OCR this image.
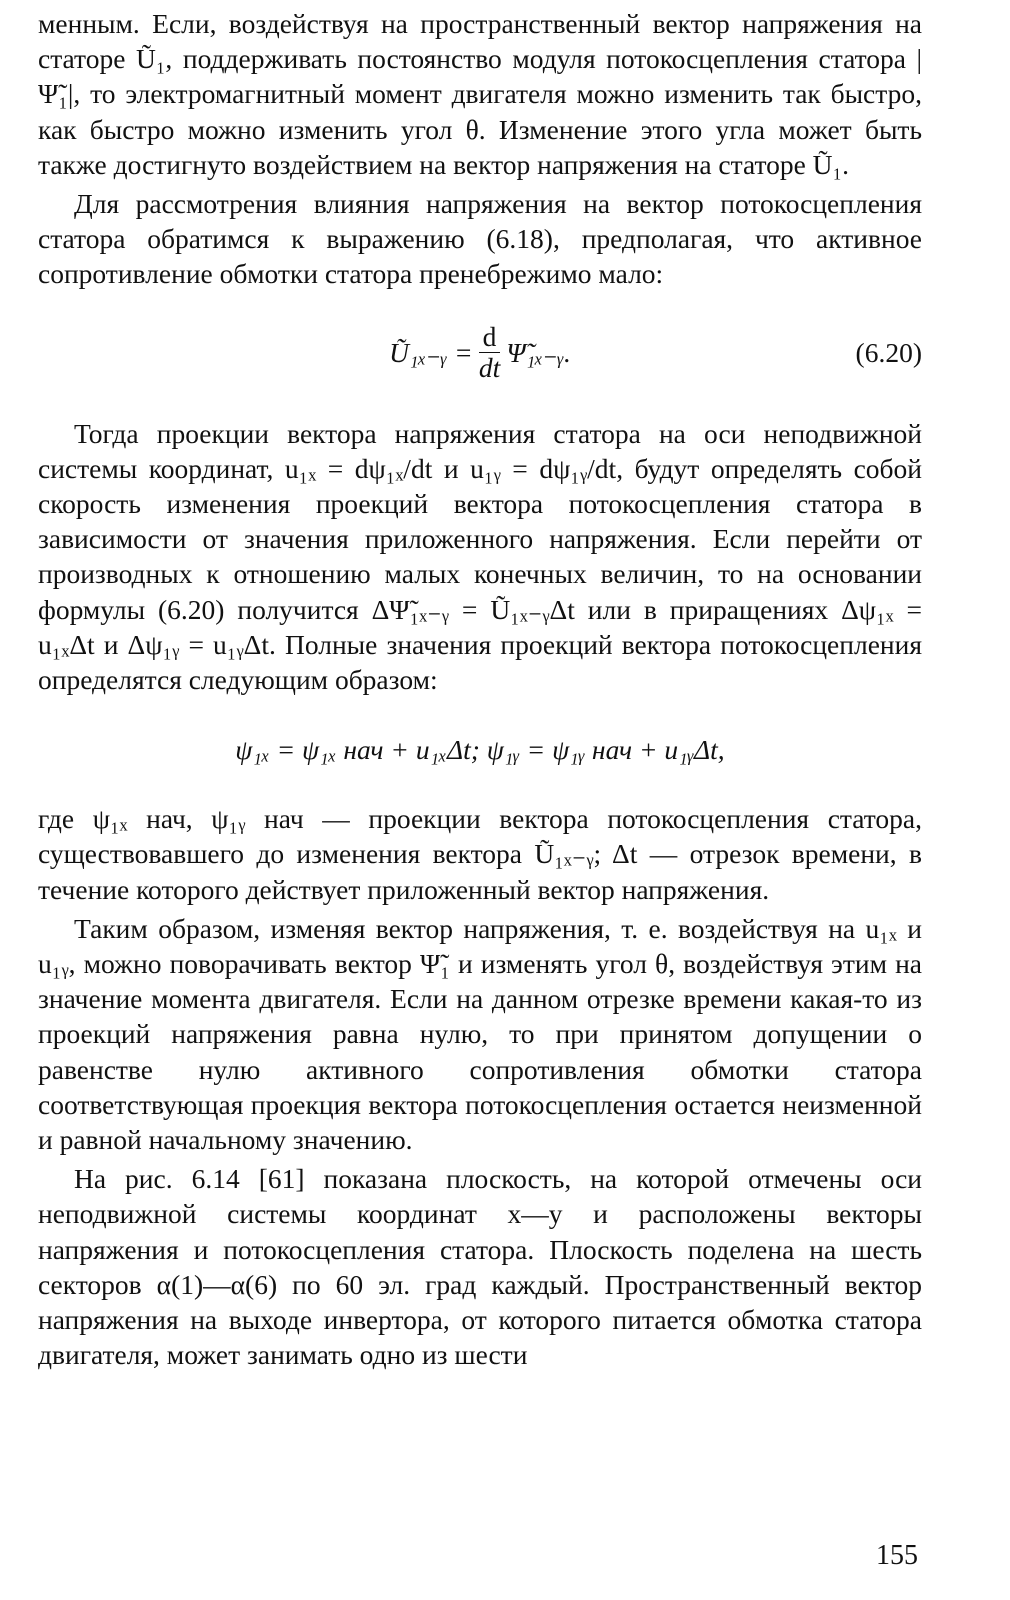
менным. Если, воздействуя на пространственный вектор напряжения на статоре Ũ₁, поддерживать постоянство модуля потокосцепления статора |Ψ̃₁|, то электромагнитный момент двигателя можно изменить так быстро, как быстро можно изменить угол θ. Изменение этого угла может быть также достигнуто воздействием на вектор напряжения на статоре Ũ₁.

Для рассмотрения влияния напряжения на вектор потокосцепления статора обратимся к выражению (6.18), предполагая, что активное сопротивление обмотки статора пренебрежимо мало:

Ũ₁ₓ₋ᵧ = $\frac{d}{dt}$ Ψ̃₁ₓ₋ᵧ.	(6.20)

Тогда проекции вектора напряжения статора на оси неподвижной системы координат, u₁ₓ = dψ₁ₓ/dt и u₁ᵧ = dψ₁ᵧ/dt, будут определять собой скорость изменения проекций вектора потокосцепления статора в зависимости от значения приложенного напряжения. Если перейти от производных к отношению малых конечных величин, то на основании формулы (6.20) получится ΔΨ̃₁ₓ₋ᵧ = Ũ₁ₓ₋ᵧΔt или в приращениях Δψ₁ₓ = u₁ₓΔt и Δψ₁ᵧ = u₁ᵧΔt. Полные значения проекций вектора потокосцепления определятся следующим образом:

ψ₁ₓ = ψ₁ₓ нач + u₁ₓΔt; ψ₁ᵧ = ψ₁ᵧ нач + u₁ᵧΔt,

где ψ₁ₓ нач, ψ₁ᵧ нач — проекции вектора потокосцепления статора, существовавшего до изменения вектора Ũ₁ₓ₋ᵧ; Δt — отрезок времени, в течение которого действует приложенный вектор напряжения.

Таким образом, изменяя вектор напряжения, т. е. воздействуя на u₁ₓ и u₁ᵧ, можно поворачивать вектор Ψ̃₁ и изменять угол θ, воздействуя этим на значение момента двигателя. Если на данном отрезке времени какая-то из проекций напряжения равна нулю, то при принятом допущении о равенстве нулю активного сопротивления обмотки статора соответствующая проекция вектора потокосцепления остается неизменной и равной начальному значению.

На рис. 6.14 [61] показана плоскость, на которой отмечены оси неподвижной системы координат x—y и расположены векторы напряжения и потокосцепления статора. Плоскость поделена на шесть секторов α(1)—α(6) по 60 эл. град каждый. Пространственный вектор напряжения на выходе инвертора, от которого питается обмотка статора двигателя, может занимать одно из шести

155
